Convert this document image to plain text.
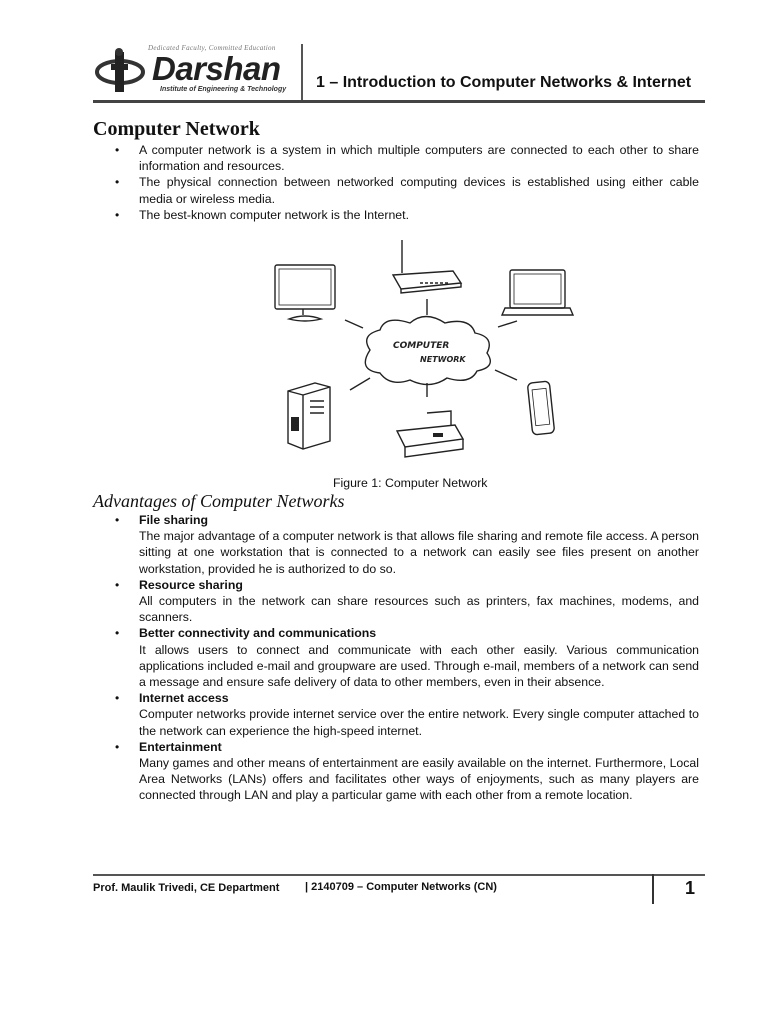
Dedicated Faculty, Committed Education
Darshan
Institute of Engineering & Technology 1 – Introduction to Computer Networks & Internet
Computer Network
• A computer network is a system in which multiple computers are connected to each other to share information and resources.
• The physical connection between networked computing devices is established using either cable media or wireless media.
• The best-known computer network is the Internet.
COMPUTER
NETWORK
Figure 1: Computer Network
Advantages of Computer Networks

• File sharing

The major advantage of a computer network is that allows file sharing and remote file access. A person sitting at one workstation that is connected to a network can easily see files present on another workstation, provided he is authorized to do so.

• Resource sharing

All computers in the network can share resources such as printers, fax machines, modems, and scanners.

• Better connectivity and communications

It allows users to connect and communicate with each other easily. Various communication applications included e-mail and groupware are used. Through e-mail, members of a network can send a message and ensure safe delivery of data to other members, even in their absence.

• Internet access

Computer networks provide internet service over the entire network. Every single computer attached to the network can experience the high-speed internet.

• Entertainment

Many games and other means of entertainment are easily available on the internet. Furthermore, Local Area Networks (LANs) offers and facilitates other ways of enjoyments, such as many players are connected through LAN and play a particular game with each other from a remote location.

Prof. Maulik Trivedi, CE Department | 2140709 – Computer Networks (CN)	1
